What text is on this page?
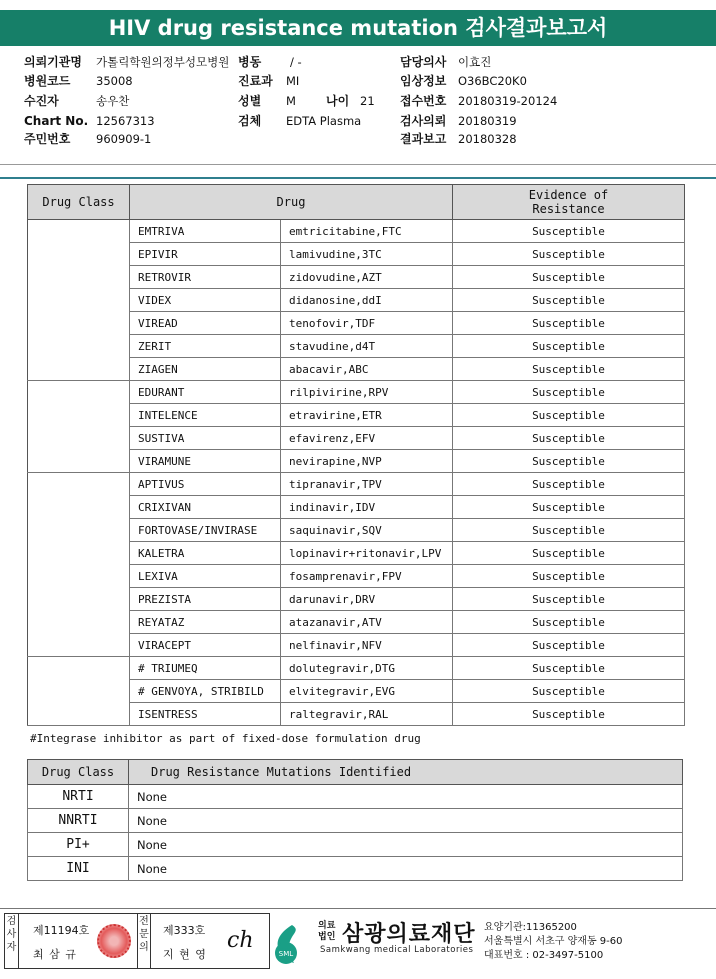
HIV drug resistance mutation 검사결과보고서
의뢰기관명 가톨릭학원의정부성모병원 병동	/ -	담당의사 이효진
병원코드 35008	진료과 MI	임상정보 O36BC20K0
수진자	송우찬	성별 M	나이 21 접수번호 20180319-20124
Chart No. 12567313	검체 EDTA Plasma	검사의뢰 20180319
주민번호 960909-1	결과보고 20180328
Drug Class	Drug		Evidence of
Resistance
	EMTRIVA	emtricitabine,FTC	Susceptible
	EPIVIR	lamivudine,3TC	Susceptible
	RETROVIR	zidovudine,AZT	Susceptible
	VIDEX	didanosine,ddI	Susceptible
	VIREAD	tenofovir,TDF	Susceptible
	ZERIT	stavudine,d4T	Susceptible
	ZIAGEN	abacavir,ABC	Susceptible
	EDURANT	rilpivirine,RPV	Susceptible
	INTELENCE	etravirine,ETR	Susceptible
	SUSTIVA	efavirenz,EFV	Susceptible
	VIRAMUNE	nevirapine,NVP	Susceptible
	APTIVUS	tipranavir,TPV	Susceptible
	CRIXIVAN	indinavir,IDV	Susceptible
	FORTOVASE/INVIRASE	saquinavir,SQV	Susceptible
	KALETRA	lopinavir+ritonavir,LPV	Susceptible
	LEXIVA	fosamprenavir,FPV	Susceptible
	PREZISTA	darunavir,DRV	Susceptible
	REYATAZ	atazanavir,ATV	Susceptible
	VIRACEPT	nelfinavir,NFV	Susceptible
	# TRIUMEQ	dolutegravir,DTG	Susceptible
	# GENVOYA, STRIBILD	elvitegravir,EVG	Susceptible
	ISENTRESS	raltegravir,RAL	Susceptible
#Integrase inhibitor as part of fixed-dose formulation drug
Drug Class	Drug Resistance Mutations Identified
NRTI	None
NNRTI	None
PI+	None
INI	None
검사자
제11194호
최 삼 규
전문의
제333호
지 현 영
ch
SML
의료법인 삼광의료재단
Samkwang medical Laboratories
요양기관:11365200
서울특별시 서초구 양재동 9-60
대표번호 : 02-3497-5100
